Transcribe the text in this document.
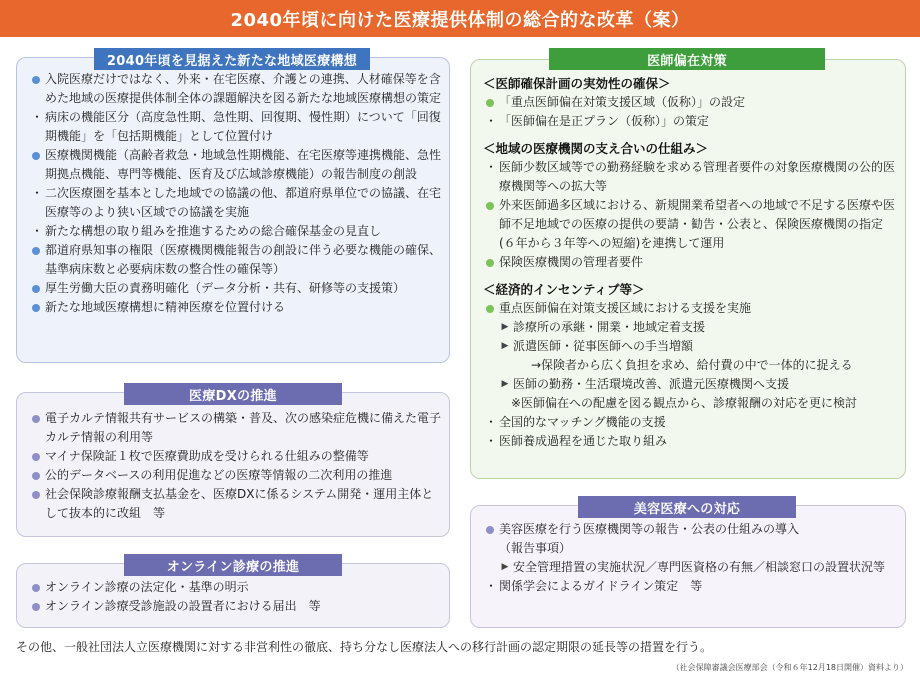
2040年頃に向けた医療提供体制の総合的な改革（案）
入院医療だけではなく、外来・在宅医療、介護との連携、人材確保等を含めた地域の医療提供体制全体の課題解決を図る新たな地域医療構想の策定
・ 病床の機能区分（高度急性期、急性期、回復期、慢性期）について「回復期機能」を「包括期機能」として位置付け
医療機関機能（高齢者救急・地域急性期機能、在宅医療等連携機能、急性期拠点機能、専門等機能、医育及び広域診療機能）の報告制度の創設
・ 二次医療圏を基本とした地域での協議の他、都道府県単位での協議、在宅医療等のより狭い区域での協議を実施
・ 新たな構想の取り組みを推進するための総合確保基金の見直し
都道府県知事の権限（医療機関機能報告の創設に伴う必要な機能の確保、基準病床数と必要病床数の整合性の確保等）
厚生労働大臣の責務明確化（データ分析・共有、研修等の支援策）
新たな地域医療構想に精神医療を位置付ける
2040年頃を見据えた新たな地域医療構想
電子カルテ情報共有サービスの構築・普及、次の感染症危機に備えた電子カルテ情報の利用等
マイナ保険証１枚で医療費助成を受けられる仕組みの整備等
公的データベースの利用促進などの医療等情報の二次利用の推進
社会保険診療報酬支払基金を、医療DXに係るシステム開発・運用主体として抜本的に改組　等
医療DXの推進
オンライン診療の法定化・基準の明示
オンライン診療受診施設の設置者における届出　等
オンライン診療の推進
＜医師確保計画の実効性の確保＞
「重点医師偏在対策支援区域（仮称）」の設定
・ 「医師偏在是正プラン（仮称）」の策定
＜地域の医療機関の支え合いの仕組み＞
・ 医師少数区域等での勤務経験を求める管理者要件の対象医療機関の公的医療機関等への拡大等
外来医師過多区域における、新規開業希望者への地域で不足する医療や医師不足地域での医療の提供の要請・勧告・公表と、保険医療機関の指定(６年から３年等への短縮)を連携して運用
保険医療機関の管理者要件
＜経済的インセンティブ等＞
重点医師偏在対策支援区域における支援を実施
▶ 診療所の承継・開業・地域定着支援
▶ 派遣医師・従事医師への手当増額
→保険者から広く負担を求め、給付費の中で一体的に捉える
▶ 医師の勤務・生活環境改善、派遣元医療機関へ支援
※医師偏在への配慮を図る観点から、診療報酬の対応を更に検討
・ 全国的なマッチング機能の支援
・ 医師養成過程を通じた取り組み
医師偏在対策
美容医療を行う医療機関等の報告・公表の仕組みの導入
（報告事項）
▶ 安全管理措置の実施状況／専門医資格の有無／相談窓口の設置状況等
・ 関係学会によるガイドライン策定　等
美容医療への対応
その他、一般社団法人立医療機関に対する非営利性の徹底、持ち分なし医療法人への移行計画の認定期限の延長等の措置を行う。
（社会保障審議会医療部会（令和６年12月18日開催）資料より）
